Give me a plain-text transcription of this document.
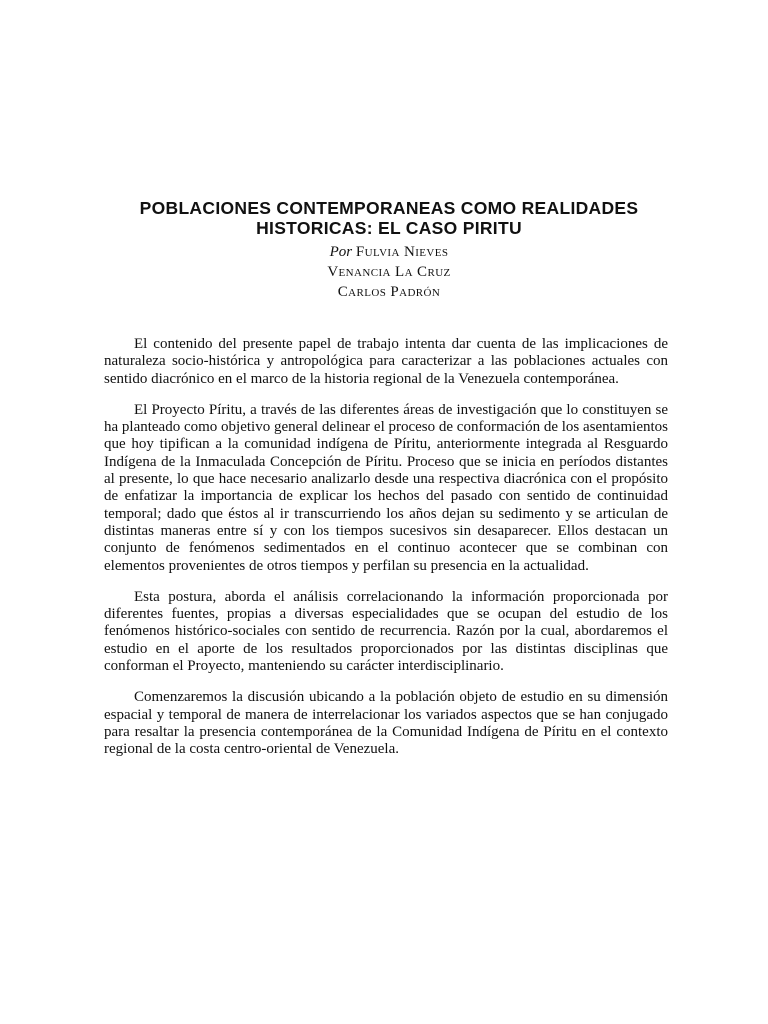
POBLACIONES CONTEMPORANEAS COMO REALIDADES
HISTORICAS: EL CASO PIRITU
Por Fulvia Nieves
Venancia La Cruz
Carlos Padrón

El contenido del presente papel de trabajo intenta dar cuenta de las implicaciones de naturaleza socio-histórica y antropológica para caracterizar a las poblaciones actuales con sentido diacrónico en el marco de la historia regional de la Venezuela contemporánea.

El Proyecto Píritu, a través de las diferentes áreas de investigación que lo constituyen se ha planteado como objetivo general delinear el proceso de conformación de los asentamientos que hoy tipifican a la comunidad indígena de Píritu, anteriormente integrada al Resguardo Indígena de la Inmaculada Concepción de Píritu. Proceso que se inicia en períodos distantes al presente, lo que hace necesario analizarlo desde una respectiva diacrónica con el propósito de enfatizar la importancia de explicar los hechos del pasado con sentido de continuidad temporal; dado que éstos al ir transcurriendo los años dejan su sedimento y se articulan de distintas maneras entre sí y con los tiempos sucesivos sin desaparecer. Ellos destacan un conjunto de fenómenos sedimentados en el continuo acontecer que se combinan con elementos provenientes de otros tiempos y perfilan su presencia en la actualidad.

Esta postura, aborda el análisis correlacionando la información proporcionada por diferentes fuentes, propias a diversas especialidades que se ocupan del estudio de los fenómenos histórico-sociales con sentido de recurrencia. Razón por la cual, abordaremos el estudio en el aporte de los resultados proporcionados por las distintas disciplinas que conforman el Proyecto, manteniendo su carácter interdisciplinario.

Comenzaremos la discusión ubicando a la población objeto de estudio en su dimensión espacial y temporal de manera de interrelacionar los variados aspectos que se han conjugado para resaltar la presencia contemporánea de la Comunidad Indígena de Píritu en el contexto regional de la costa centro-oriental de Venezuela.
